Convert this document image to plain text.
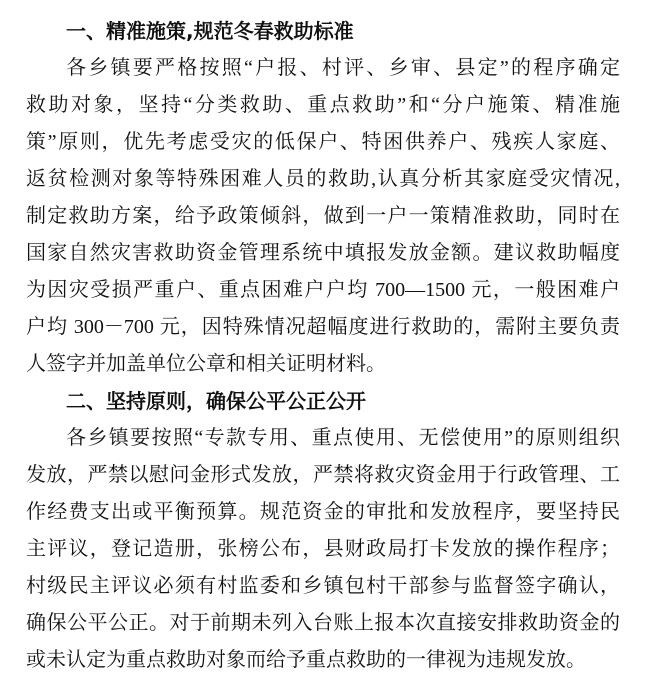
一、精准施策,规范冬春救助标准
各乡镇要严格按照“户报、村评、乡审、县定”的程序确定
救助对象，坚持“分类救助、重点救助”和“分户施策、精准施
策”原则，优先考虑受灾的低保户、特困供养户、残疾人家庭、
返贫检测对象等特殊困难人员的救助,认真分析其家庭受灾情况,
制定救助方案，给予政策倾斜，做到一户一策精准救助，同时在
国家自然灾害救助资金管理系统中填报发放金额。建议救助幅度
为因灾受损严重户、重点困难户户均 700—1500 元，一般困难户
户均 300－700 元，因特殊情况超幅度进行救助的，需附主要负责
人签字并加盖单位公章和相关证明材料。
二、坚持原则，确保公平公正公开
各乡镇要按照“专款专用、重点使用、无偿使用”的原则组织
发放，严禁以慰问金形式发放，严禁将救灾资金用于行政管理、工
作经费支出或平衡预算。规范资金的审批和发放程序，要坚持民
主评议，登记造册，张榜公布，县财政局打卡发放的操作程序；
村级民主评议必须有村监委和乡镇包村干部参与监督签字确认，
确保公平公正。对于前期未列入台账上报本次直接安排救助资金的
或未认定为重点救助对象而给予重点救助的一律视为违规发放。
